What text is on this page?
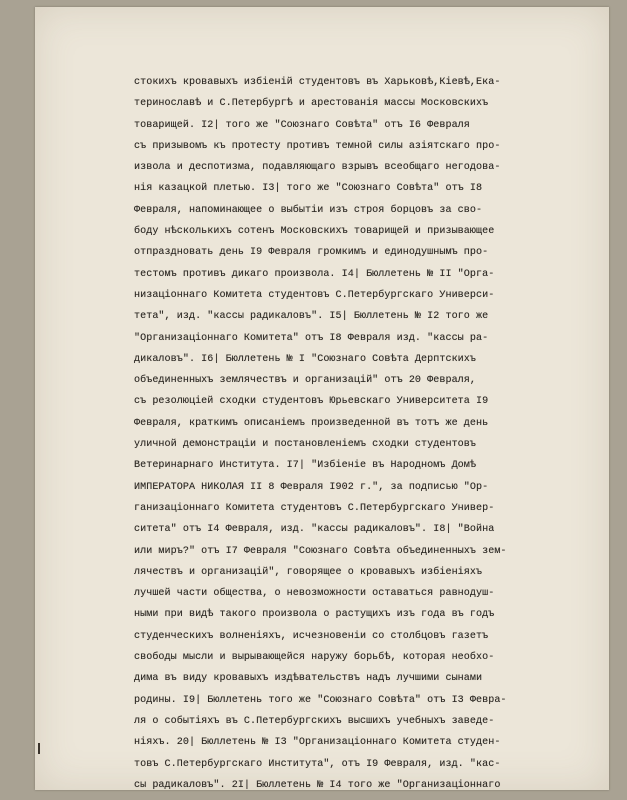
стокихъ кровавыхъ избіеній студентовъ въ Харьковѣ,Кіевѣ,Ека-
теринославѣ и С.Петербургѣ и арестованія массы Московскихъ
товарищей. I2| того же "Союзнаго Совѣта" отъ I6 Февраля
съ призывомъ къ протесту противъ темной силы азіятскаго про-
извола и деспотизма, подавляющаго взрывъ всеобщаго негодова-
нія казацкой плетью. I3| того же "Союзнаго Совѣта" отъ I8
Февраля, напоминающее о выбытіи изъ строя борцовъ за сво-
боду нѣсколькихъ сотенъ Московскихъ товарищей и призывающее
отпраздновать день I9 Февраля громкимъ и единодушнымъ про-
тестомъ противъ дикаго произвола. I4| Бюллетень № II "Орга-
низаціоннаго Комитета студентовъ С.Петербургскаго Универси-
тета", изд. "кассы радикаловъ". I5| Бюллетень № I2 того же
"Организаціоннаго Комитета" отъ I8 Февраля изд. "кассы ра-
дикаловъ". I6| Бюллетень № I "Союзнаго Совѣта Дерптскихъ
объединенныхъ землячествъ и организацій" отъ 20 Февраля,
съ резолюціей сходки студентовъ Юрьевскаго Университета I9
Февраля, краткимъ описаніемъ произведенной въ тотъ же день
уличной демонстраціи и постановленіемъ сходки студентовъ
Ветеринарнаго Института. I7| "Избіеніе въ Народномъ Домѣ
ИМПЕРАТОРА НИКОЛАЯ II 8 Февраля I902 г.", за подписью "Ор-
ганизаціоннаго Комитета студентовъ С.Петербургскаго Универ-
ситета" отъ I4 Февраля, изд. "кассы радикаловъ". I8| "Война
или миръ?" отъ I7 Февраля "Союзнаго Совѣта объединенныхъ зем-
лячествъ и организацій", говорящее о кровавыхъ избіеніяхъ
лучшей части общества, о невозможности оставаться равнодуш-
ными при видѣ такого произвола о растущихъ изъ года въ годъ
студенческихъ волненіяхъ, исчезновеніи со столбцовъ газетъ
свободы мысли и вырывающейся наружу борьбѣ, которая необхо-
дима въ виду кровавыхъ издѣвательствъ надъ лучшими сынами
родины. I9| Бюллетень того же "Союзнаго Совѣта" отъ I3 Февра-
ля о событіяхъ въ С.Петербургскихъ высшихъ учебныхъ заведе-
ніяхъ. 20| Бюллетень № I3 "Организаціоннаго Комитета студен-
товъ С.Петербургскаго Института", отъ I9 Февраля, изд. "кас-
сы радикаловъ". 2I| Бюллетень № I4 того же "Организаціоннаго
